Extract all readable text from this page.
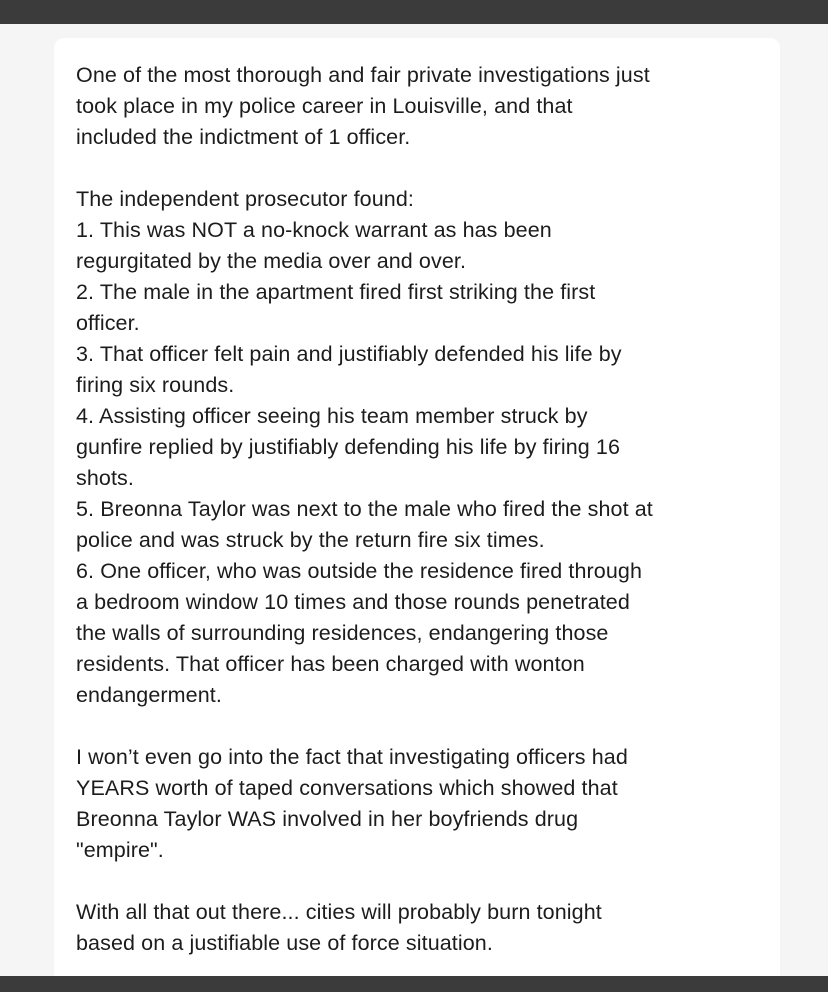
One of the most thorough and fair private investigations just
took place in my police career in Louisville, and that
included the indictment of 1 officer.

The independent prosecutor found:
1. This was NOT a no-knock warrant as has been
regurgitated by the media over and over.
2. The male in the apartment fired first striking the first
officer.
3. That officer felt pain and justifiably defended his life by
firing six rounds.
4. Assisting officer seeing his team member struck by
gunfire replied by justifiably defending his life by firing 16
shots.
5. Breonna Taylor was next to the male who fired the shot at
police and was struck by the return fire six times.
6. One officer, who was outside the residence fired through
a bedroom window 10 times and those rounds penetrated
the walls of surrounding residences, endangering those
residents. That officer has been charged with wonton
endangerment.

I won’t even go into the fact that investigating officers had
YEARS worth of taped conversations which showed that
Breonna Taylor WAS involved in her boyfriends drug
"empire".

With all that out there... cities will probably burn tonight
based on a justifiable use of force situation.
